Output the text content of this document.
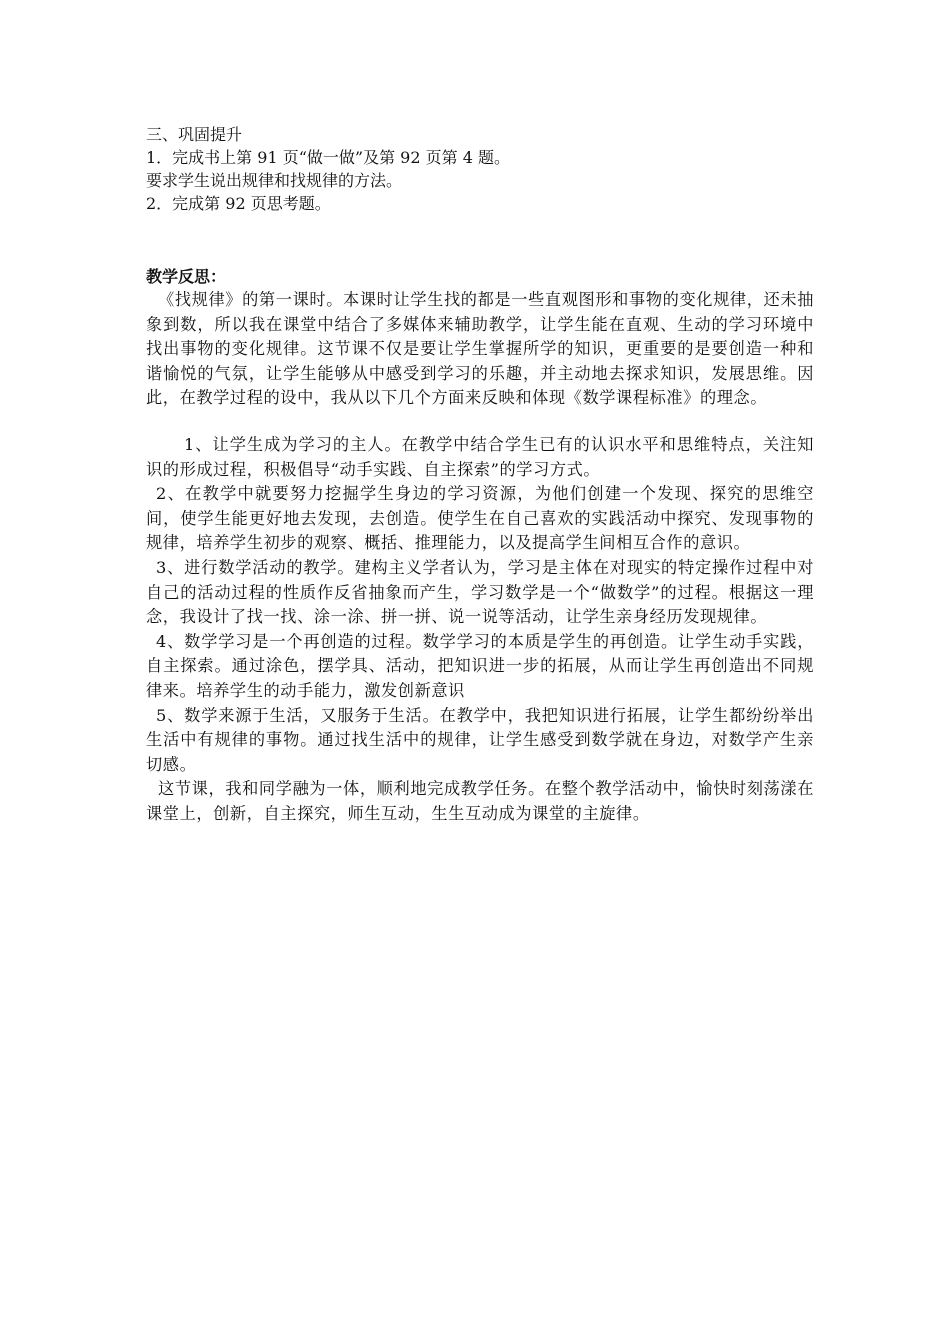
三、巩固提升

1．完成书上第 91 页“做一做”及第 92 页第 4 题。

要求学生说出规律和找规律的方法。

2．完成第 92 页思考题。

教学反思：

《找规律》的第一课时。本课时让学生找的都是一些直观图形和事物的变化规律，还未抽象到数，所以我在课堂中结合了多媒体来辅助教学，让学生能在直观、生动的学习环境中找出事物的变化规律。这节课不仅是要让学生掌握所学的知识，更重要的是要创造一种和谐愉悦的气氛，让学生能够从中感受到学习的乐趣，并主动地去探求知识，发展思维。因此，在教学过程的设中，我从以下几个方面来反映和体现《数学课程标准》的理念。

1、让学生成为学习的主人。在教学中结合学生已有的认识水平和思维特点，关注知识的形成过程，积极倡导“动手实践、自主探索”的学习方式。

2、在教学中就要努力挖掘学生身边的学习资源，为他们创建一个发现、探究的思维空间，使学生能更好地去发现，去创造。使学生在自己喜欢的实践活动中探究、发现事物的规律，培养学生初步的观察、概括、推理能力，以及提高学生间相互合作的意识。

3、进行数学活动的教学。建构主义学者认为，学习是主体在对现实的特定操作过程中对自己的活动过程的性质作反省抽象而产生，学习数学是一个“做数学”的过程。根据这一理念，我设计了找一找、涂一涂、拼一拼、说一说等活动，让学生亲身经历发现规律。

4、数学学习是一个再创造的过程。数学学习的本质是学生的再创造。让学生动手实践，自主探索。通过涂色，摆学具、活动，把知识进一步的拓展，从而让学生再创造出不同规律来。培养学生的动手能力，激发创新意识

5、数学来源于生活，又服务于生活。在教学中，我把知识进行拓展，让学生都纷纷举出生活中有规律的事物。通过找生活中的规律，让学生感受到数学就在身边，对数学产生亲切感。

这节课，我和同学融为一体，顺利地完成教学任务。在整个教学活动中，愉快时刻荡漾在课堂上，创新，自主探究，师生互动，生生互动成为课堂的主旋律。
